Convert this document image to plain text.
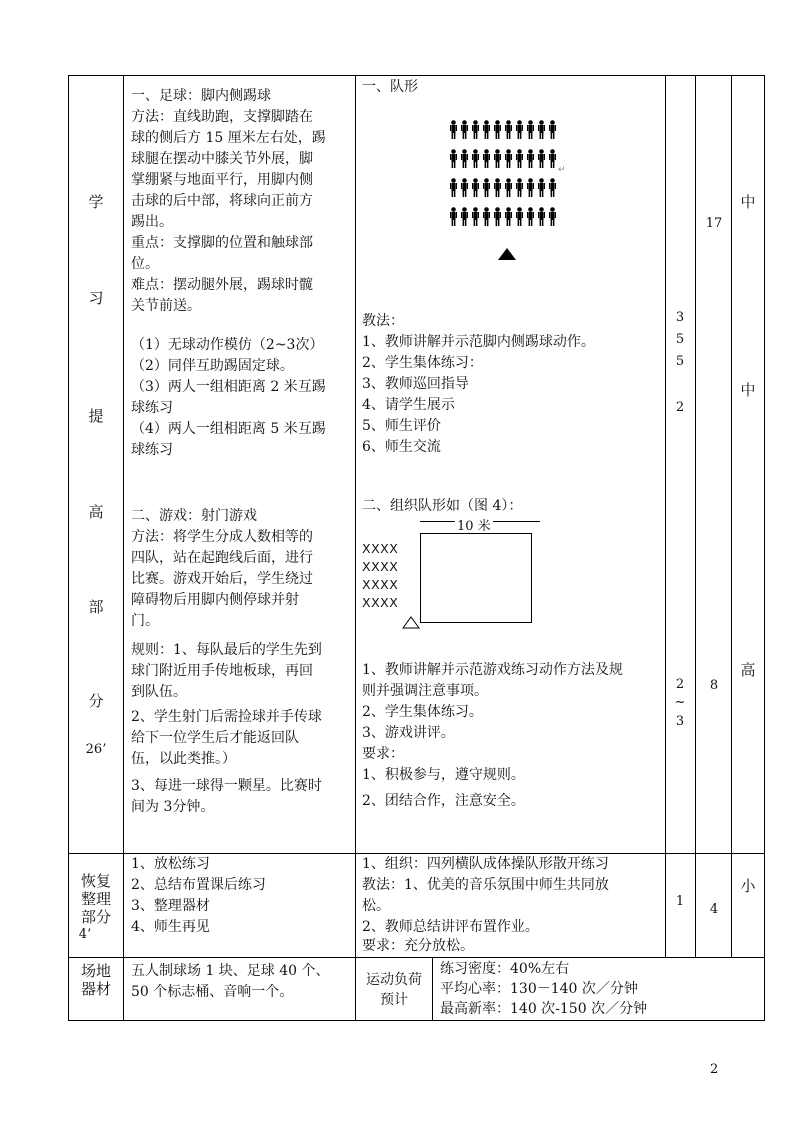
学
习
提
高
部
分
26’
一、足球：脚内侧踢球
方法：直线助跑，支撑脚踏在
球的侧后方 15 厘米左右处，踢
球腿在摆动中膝关节外展，脚
掌绷紧与地面平行，用脚内侧
击球的后中部，将球向正前方
踢出。
重点：支撑脚的位置和触球部
位。
难点：摆动腿外展，踢球时髋
关节前送。
（1）无球动作模仿（2~3次）
（2）同伴互助踢固定球。
（3）两人一组相距离 2 米互踢
球练习
（4）两人一组相距离 5 米互踢
球练习
二、游戏：射门游戏
方法：将学生分成人数相等的
四队，站在起跑线后面，进行
比赛。游戏开始后，学生绕过
障碍物后用脚内侧停球并射
门。
规则：1、每队最后的学生先到
球门附近用手传地板球，再回
到队伍。
2、学生射门后需捡球并手传球
给下一位学生后才能返回队
伍，以此类推。）
3、每进一球得一颗星。比赛时
间为 3分钟。
一、队形
↵
教法：
1、教师讲解并示范脚内侧踢球动作。
2、学生集体练习：
3、教师巡回指导
4、请学生展示
5、师生评价
6、师生交流
二、组织队形如（图 4）：
10 米
XXXX
XXXX
XXXX
XXXX
1、教师讲解并示范游戏练习动作方法及规
则并强调注意事项。
2、学生集体练习。
3、游戏讲评。
要求：
1、积极参与，遵守规则。
2、团结合作，注意安全。
3
5
5
2
2
~
3
17
8
中
中
高
恢复
整理
部分
4’
1、放松练习
2、总结布置课后练习
3、整理器材
4、师生再见
1、组织：四列横队成体操队形散开练习
教法：1、优美的音乐氛围中师生共同放
松。
2、教师总结讲评布置作业。
要求：充分放松。
1
4
小
场地
器材
五人制球场 1 块、足球 40 个、
50 个标志桶、音响一个。
运动负荷
预计
练习密度：40%左右
平均心率：130－140 次／分钟
最高新率：140 次-150 次／分钟
2
